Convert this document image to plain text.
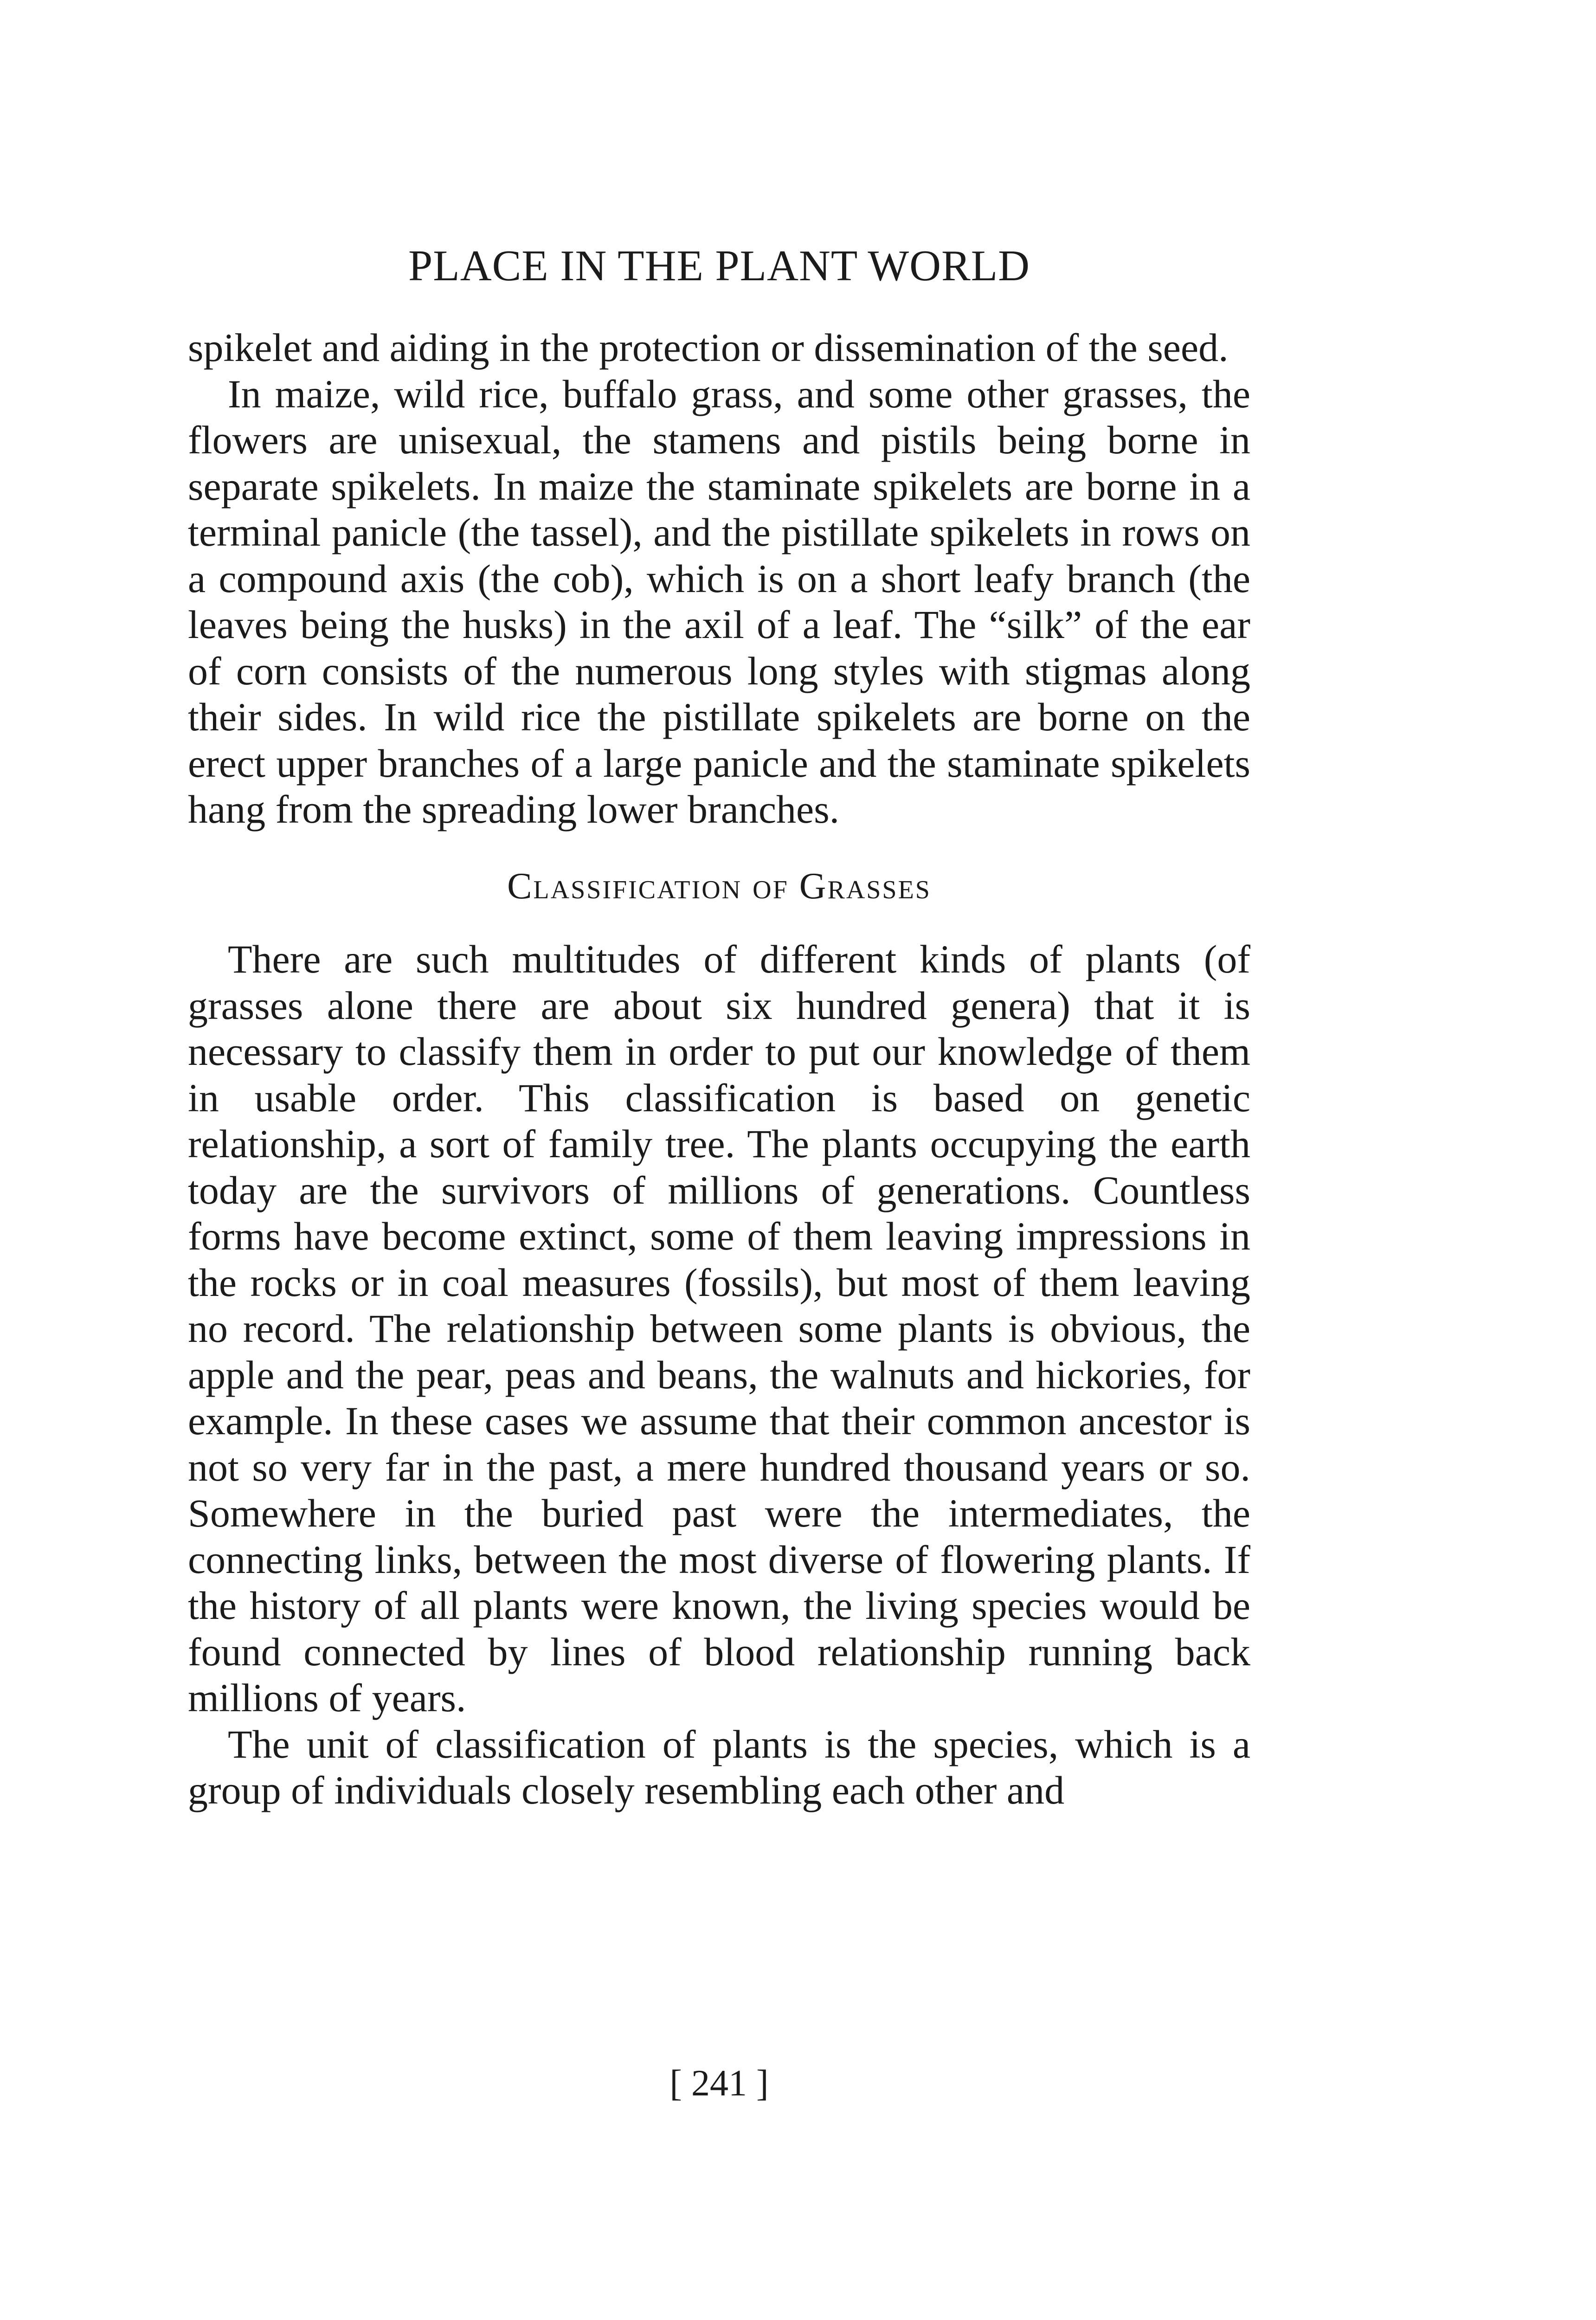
PLACE IN THE PLANT WORLD

spikelet and aiding in the protection or dissemination of the seed.

In maize, wild rice, buffalo grass, and some other grasses, the flowers are unisexual, the stamens and pistils being borne in separate spikelets. In maize the staminate spikelets are borne in a terminal panicle (the tassel), and the pistillate spikelets in rows on a compound axis (the cob), which is on a short leafy branch (the leaves being the husks) in the axil of a leaf. The “silk” of the ear of corn consists of the numerous long styles with stigmas along their sides. In wild rice the pistillate spikelets are borne on the erect upper branches of a large panicle and the staminate spikelets hang from the spreading lower branches.

Classification of Grasses

There are such multitudes of different kinds of plants (of grasses alone there are about six hundred genera) that it is necessary to classify them in order to put our knowledge of them in usable order. This classification is based on genetic relationship, a sort of family tree. The plants occupying the earth today are the survivors of millions of generations. Countless forms have become extinct, some of them leaving impressions in the rocks or in coal measures (fossils), but most of them leaving no record. The relationship between some plants is obvious, the apple and the pear, peas and beans, the walnuts and hickories, for example. In these cases we assume that their common ancestor is not so very far in the past, a mere hundred thousand years or so. Somewhere in the buried past were the intermediates, the connecting links, between the most diverse of flowering plants. If the history of all plants were known, the living species would be found connected by lines of blood relationship running back millions of years.

The unit of classification of plants is the species, which is a group of individuals closely resembling each other and

[ 241 ]
